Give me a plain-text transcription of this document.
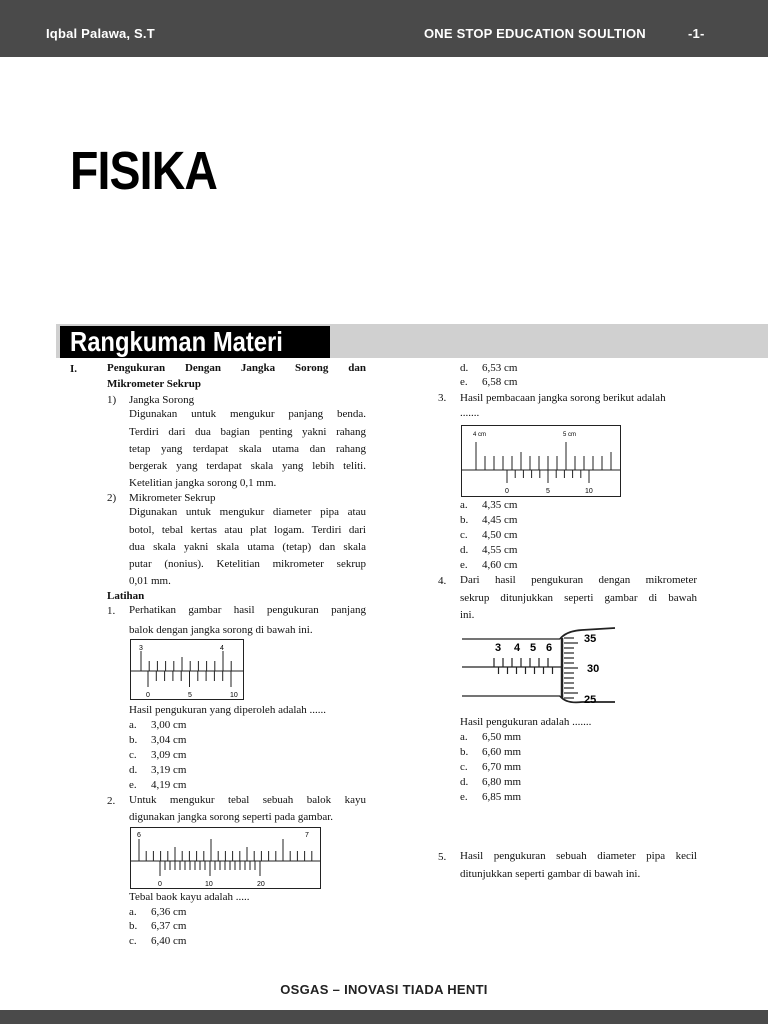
Iqbal Palawa, S.T	ONE STOP EDUCATION SOULTION	-1-
FISIKA
Rangkuman Materi
I.	Pengukuran Dengan Jangka Sorong dan
Mikrometer Sekrup
1) Jangka Sorong
Digunakan untuk mengukur panjang benda.
Terdiri dari dua bagian penting yakni rahang
tetap yang terdapat skala utama dan rahang
bergerak yang terdapat skala yang lebih teliti.
Ketelitian jangka sorong 0,1 mm.
2) Mikrometer Sekrup
Digunakan untuk mengukur diameter pipa atau
botol, tebal kertas atau plat logam. Terdiri dari
dua skala yakni skala utama (tetap) dan skala
putar (nonius). Ketelitian mikrometer sekrup
0,01 mm.
Latihan
1. Perhatikan gambar hasil pengukuran panjang
balok dengan jangka sorong di bawah ini.
3	4
0	5	10
Hasil pengukuran yang diperoleh adalah ......
a. 3,00 cm
b. 3,04 cm
c. 3,09 cm
d. 3,19 cm
e. 4,19 cm
2. Untuk mengukur tebal sebuah balok kayu
digunakan jangka sorong seperti pada gambar.
6	7
0	10	20
Tebal baok kayu adalah .....
a. 6,36 cm
b. 6,37 cm
c. 6,40 cm
d. 6,53 cm
e. 6,58 cm
3. Hasil pembacaan jangka sorong berikut adalah
.......
4 cm	5 cm
0	5	10
a. 4,35 cm
b. 4,45 cm
c. 4,50 cm
d. 4,55 cm
e. 4,60 cm
4. Dari hasil pengukuran dengan mikrometer
sekrup ditunjukkan seperti gambar di bawah
ini.
3 4 5 6
35
30
25
Hasil pengukuran adalah .......
a. 6,50 mm
b. 6,60 mm
c. 6,70 mm
d. 6,80 mm
e. 6,85 mm
5. Hasil pengukuran sebuah diameter pipa kecil
ditunjukkan seperti gambar di bawah ini.
OSGAS – INOVASI TIADA HENTI
